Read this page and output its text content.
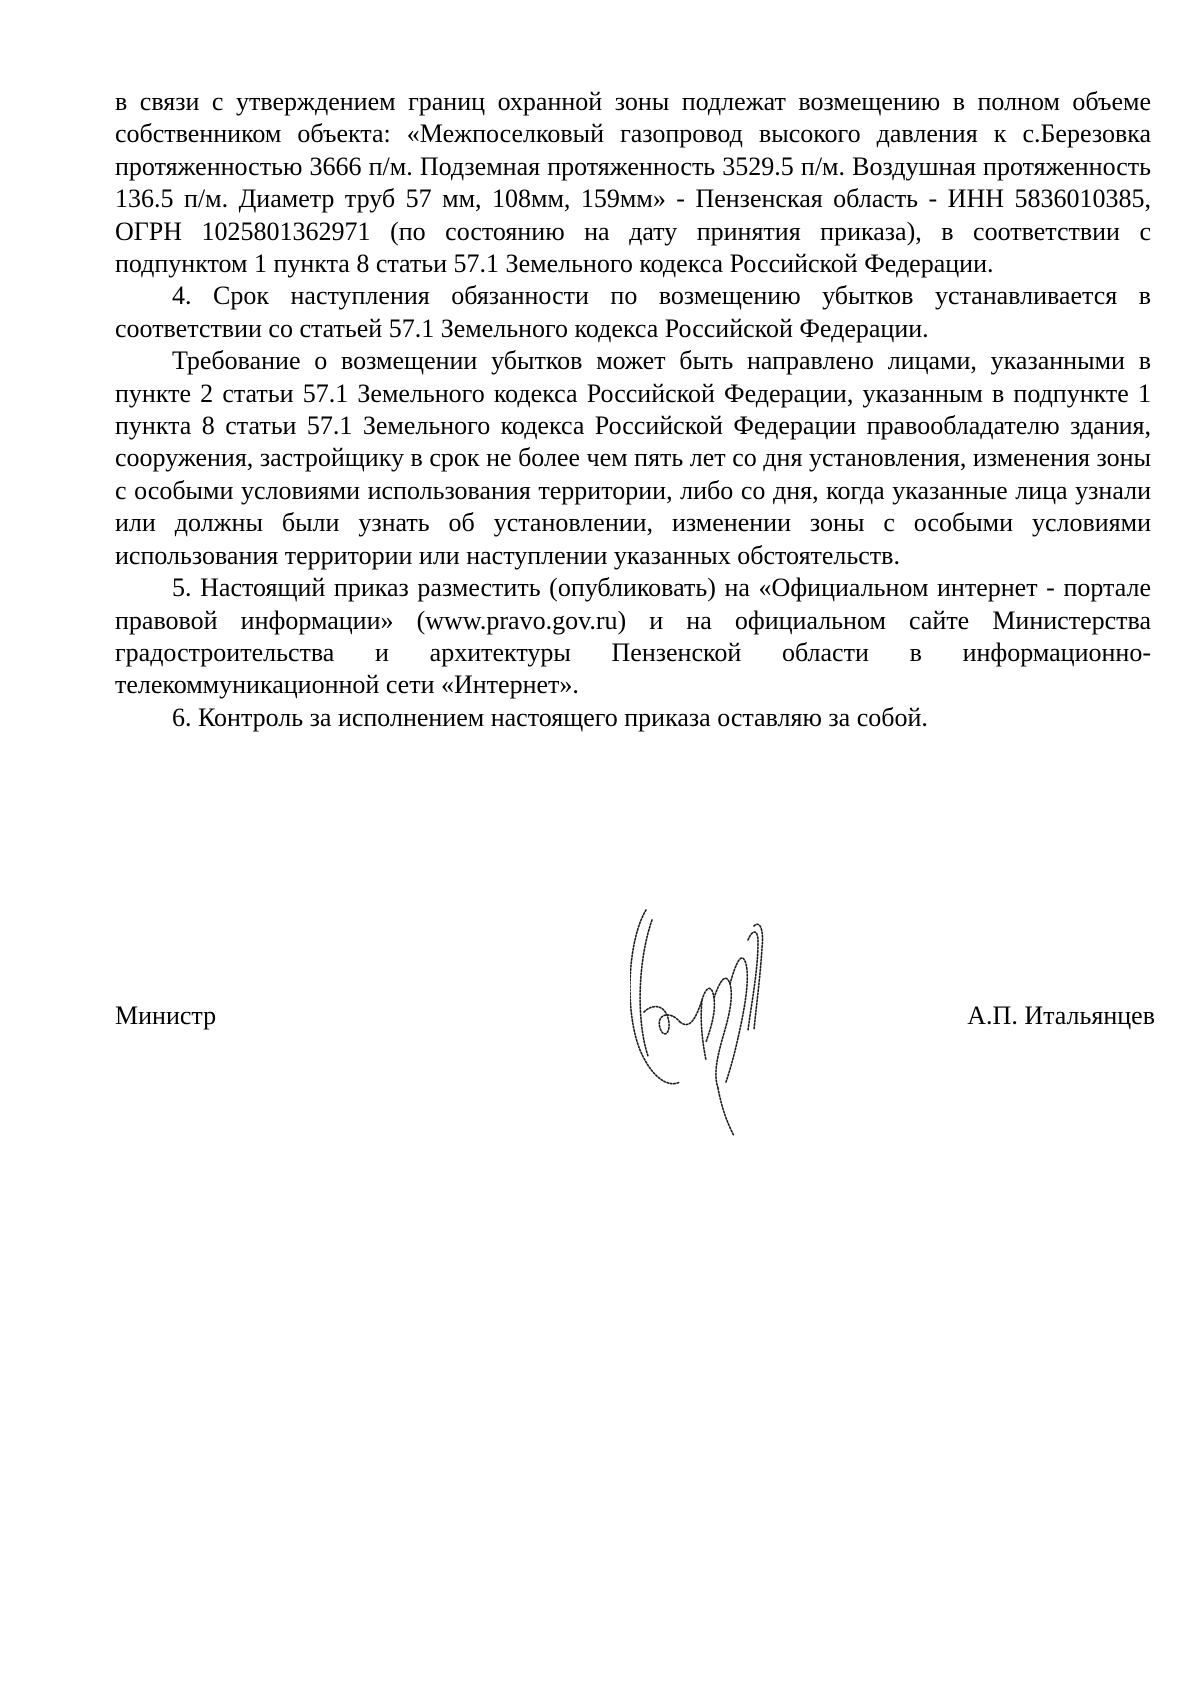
в связи с утверждением границ охранной зоны подлежат возмещению в полном объеме собственником объекта: «Межпоселковый газопровод высокого давления к с.Березовка протяженностью 3666 п/м. Подземная протяженность 3529.5 п/м. Воздушная протяженность 136.5 п/м. Диаметр труб 57 мм, 108мм, 159мм» - Пензенская область - ИНН 5836010385, ОГРН 1025801362971 (по состоянию на дату принятия приказа), в соответствии с подпунктом 1 пункта 8 статьи 57.1 Земельного кодекса Российской Федерации.

4. Срок наступления обязанности по возмещению убытков устанавливается в соответствии со статьей 57.1 Земельного кодекса Российской Федерации.

Требование о возмещении убытков может быть направлено лицами, указанными в пункте 2 статьи 57.1 Земельного кодекса Российской Федерации, указанным в подпункте 1 пункта 8 статьи 57.1 Земельного кодекса Российской Федерации правообладателю здания, сооружения, застройщику в срок не более чем пять лет со дня установления, изменения зоны с особыми условиями использования территории, либо со дня, когда указанные лица узнали или должны были узнать об установлении, изменении зоны с особыми условиями использования территории или наступлении указанных обстоятельств.

5. Настоящий приказ разместить (опубликовать) на «Официальном интернет - портале правовой информации» (www.pravo.gov.ru) и на официальном сайте Министерства градостроительства и архитектуры Пензенской области в информационно-телекоммуникационной сети «Интернет».

6. Контроль за исполнением настоящего приказа оставляю за собой.

Министр	А.П. Итальянцев
